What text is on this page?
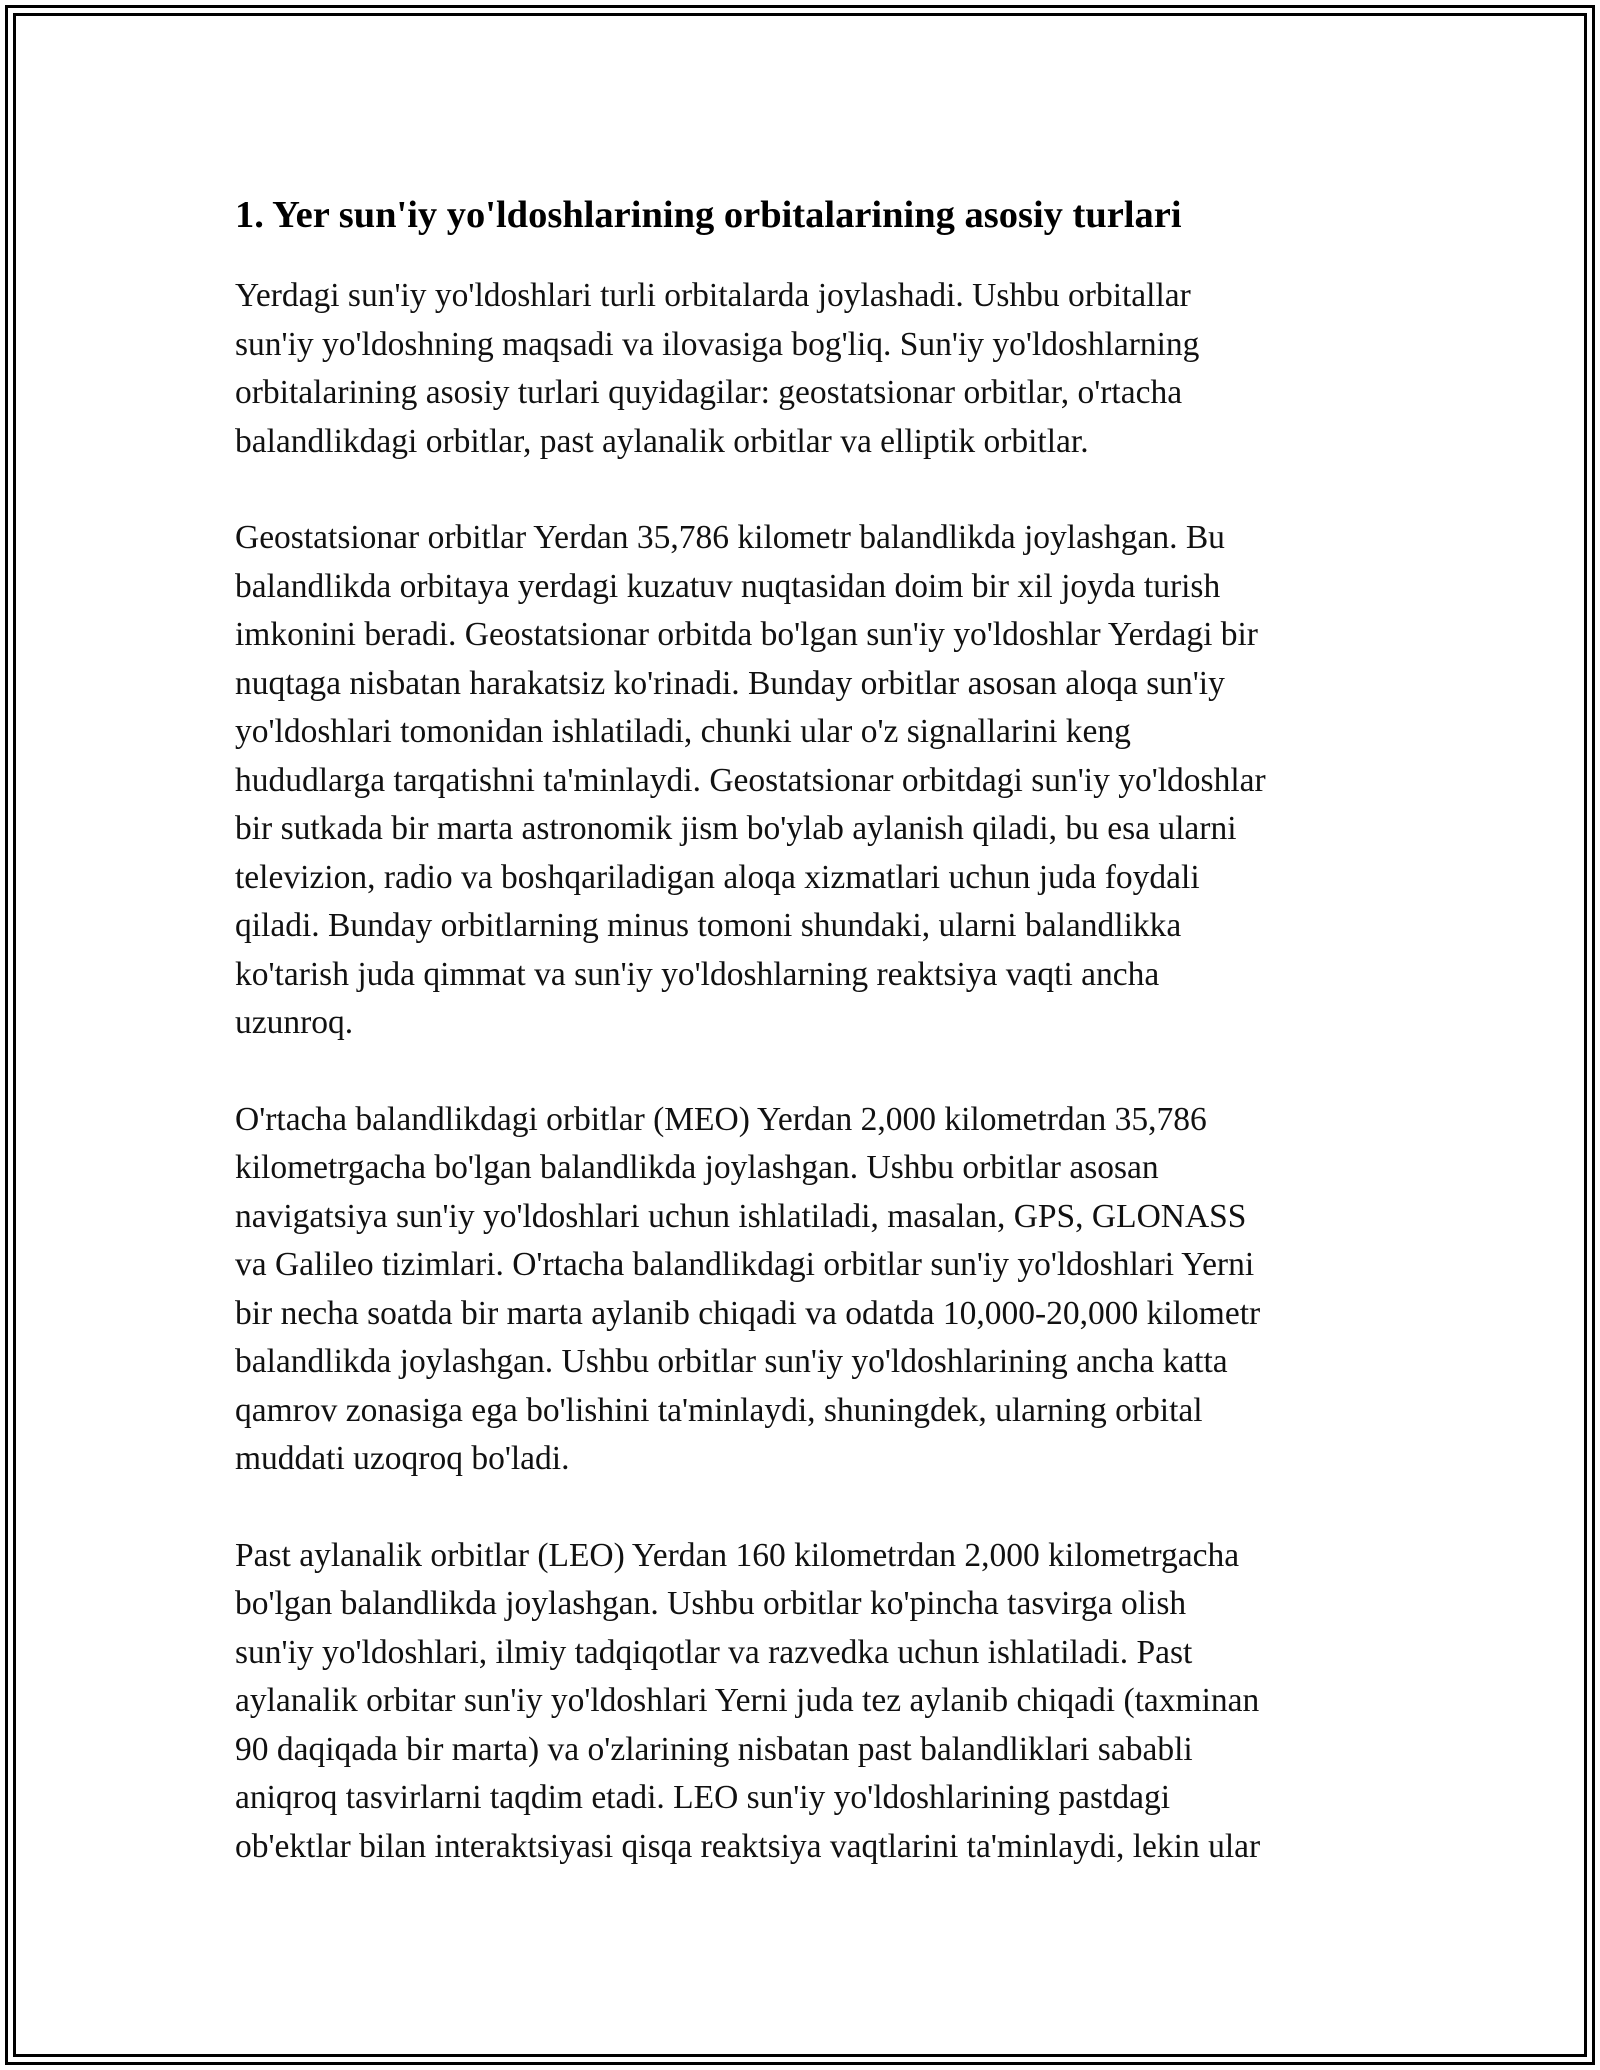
1. Yer sun'iy yo'ldoshlarining orbitalarining asosiy turlari

Yerdagi sun'iy yo'ldoshlari turli orbitalarda joylashadi. Ushbu orbitallar
sun'iy yo'ldoshning maqsadi va ilovasiga bog'liq. Sun'iy yo'ldoshlarning
orbitalarining asosiy turlari quyidagilar: geostatsionar orbitlar, o'rtacha
balandlikdagi orbitlar, past aylanalik orbitlar va elliptik orbitlar.

Geostatsionar orbitlar Yerdan 35,786 kilometr balandlikda joylashgan. Bu
balandlikda orbitaya yerdagi kuzatuv nuqtasidan doim bir xil joyda turish
imkonini beradi. Geostatsionar orbitda bo'lgan sun'iy yo'ldoshlar Yerdagi bir
nuqtaga nisbatan harakatsiz ko'rinadi. Bunday orbitlar asosan aloqa sun'iy
yo'ldoshlari tomonidan ishlatiladi, chunki ular o'z signallarini keng
hududlarga tarqatishni ta'minlaydi. Geostatsionar orbitdagi sun'iy yo'ldoshlar
bir sutkada bir marta astronomik jism bo'ylab aylanish qiladi, bu esa ularni
televizion, radio va boshqariladigan aloqa xizmatlari uchun juda foydali
qiladi. Bunday orbitlarning minus tomoni shundaki, ularni balandlikka
ko'tarish juda qimmat va sun'iy yo'ldoshlarning reaktsiya vaqti ancha
uzunroq.

O'rtacha balandlikdagi orbitlar (MEO) Yerdan 2,000 kilometrdan 35,786
kilometrgacha bo'lgan balandlikda joylashgan. Ushbu orbitlar asosan
navigatsiya sun'iy yo'ldoshlari uchun ishlatiladi, masalan, GPS, GLONASS
va Galileo tizimlari. O'rtacha balandlikdagi orbitlar sun'iy yo'ldoshlari Yerni
bir necha soatda bir marta aylanib chiqadi va odatda 10,000-20,000 kilometr
balandlikda joylashgan. Ushbu orbitlar sun'iy yo'ldoshlarining ancha katta
qamrov zonasiga ega bo'lishini ta'minlaydi, shuningdek, ularning orbital
muddati uzoqroq bo'ladi.

Past aylanalik orbitlar (LEO) Yerdan 160 kilometrdan 2,000 kilometrgacha
bo'lgan balandlikda joylashgan. Ushbu orbitlar ko'pincha tasvirga olish
sun'iy yo'ldoshlari, ilmiy tadqiqotlar va razvedka uchun ishlatiladi. Past
aylanalik orbitar sun'iy yo'ldoshlari Yerni juda tez aylanib chiqadi (taxminan
90 daqiqada bir marta) va o'zlarining nisbatan past balandliklari sababli
aniqroq tasvirlarni taqdim etadi. LEO sun'iy yo'ldoshlarining pastdagi
ob'ektlar bilan interaktsiyasi qisqa reaktsiya vaqtlarini ta'minlaydi, lekin ular
